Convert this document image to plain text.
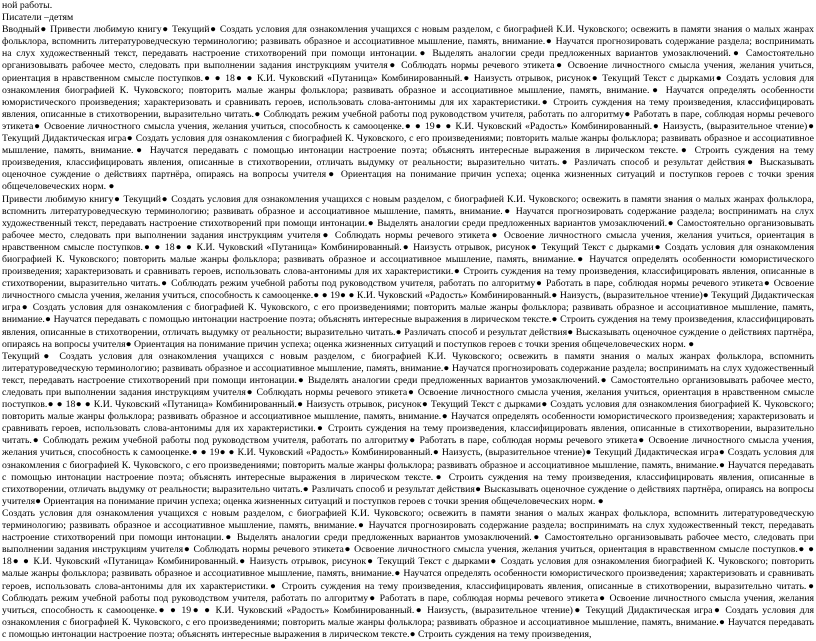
ной работы.
Писатели –детям

Вводный● Привести любимую книгу● Текущий● Создать условия для ознакомления учащихся с новым разделом, с биографией К.И. Чуковского; освежить в памяти знания о малых жанрах фольклора, вспомнить литературоведческую терминологию; развивать образное и ассоциативное мышление, память, внимание.● Научатся прогнозировать содержание раздела; воспринимать на слух художественный текст, передавать настроение стихотворений при помощи интонации.● Выделять аналогии среди предложенных вариантов умозаключений.● Самостоятельно организовывать рабочее место, следовать при выполнении задания инструкциям учителя● Соблюдать нормы речевого этикета● Освоение личностного смысла учения, желания учиться, ориентация в нравственном смысле поступков.● ● 18● ● К.И. Чуковский «Путаница» Комбинированный.● Наизусть отрывок, рисунок● Текущий Текст с дырками● Создать условия для ознакомления биографией К. Чуковского; повторить малые жанры фольклора; развивать образное и ассоциативное мышление, память, внимание.● Научатся определять особенности юмористического произведения; характеризовать и сравнивать героев, использовать слова-антонимы для их характеристики.● Строить суждения на тему произведения, классифицировать явления, описанные в стихотворении, выразительно читать.● Соблюдать режим учебной работы под руководством учителя, работать по алгоритму● Работать в паре, соблюдая нормы речевого этикета● Освоение личностного смысла учения, желания учиться, способность к самооценке.● ● 19● ● К.И. Чуковский «Радость» Комбинированный.● Наизусть, (выразительное чтение)● Текущий Дидактическая игра● Создать условия для ознакомления с биографией К. Чуковского, с его произведениями; повторить малые жанры фольклора; развивать образное и ассоциативное мышление, память, внимание.● Научатся передавать с помощью интонации настроение поэта; объяснять интересные выражения в лирическом тексте.● Строить суждения на тему произведения, классифицировать явления, описанные в стихотворении, отличать выдумку от реальности; выразительно читать.● Различать способ и результат действия● Высказывать оценочное суждение о действиях партнёра, опираясь на вопросы учителя● Ориентация на понимание причин успеха; оценка жизненных ситуаций и поступков героев с точки зрения общечеловеческих норм. ●

Привести любимую книгу● Текущий● Создать условия для ознакомления учащихся с новым разделом, с биографией К.И. Чуковского; освежить в памяти знания о малых жанрах фольклора, вспомнить литературоведческую терминологию; развивать образное и ассоциативное мышление, память, внимание.● Научатся прогнозировать содержание раздела; воспринимать на слух художественный текст, передавать настроение стихотворений при помощи интонации.● Выделять аналогии среди предложенных вариантов умозаключений.● Самостоятельно организовывать рабочее место, следовать при выполнении задания инструкциям учителя● Соблюдать нормы речевого этикета● Освоение личностного смысла учения, желания учиться, ориентация в нравственном смысле поступков.● ● 18● ● К.И. Чуковский «Путаница» Комбинированный.● Наизусть отрывок, рисунок● Текущий Текст с дырками● Создать условия для ознакомления биографией К. Чуковского; повторить малые жанры фольклора; развивать образное и ассоциативное мышление, память, внимание.● Научатся определять особенности юмористического произведения; характеризовать и сравнивать героев, использовать слова-антонимы для их характеристики.● Строить суждения на тему произведения, классифицировать явления, описанные в стихотворении, выразительно читать.● Соблюдать режим учебной работы под руководством учителя, работать по алгоритму● Работать в паре, соблюдая нормы речевого этикета● Освоение личностного смысла учения, желания учиться, способность к самооценке.● ● 19● ● К.И. Чуковский «Радость» Комбинированный.● Наизусть, (выразительное чтение)● Текущий Дидактическая игра● Создать условия для ознакомления с биографией К. Чуковского, с его произведениями; повторить малые жанры фольклора; развивать образное и ассоциативное мышление, память, внимание.● Научатся передавать с помощью интонации настроение поэта; объяснять интересные выражения в лирическом тексте.● Строить суждения на тему произведения, классифицировать явления, описанные в стихотворении, отличать выдумку от реальности; выразительно читать.● Различать способ и результат действия● Высказывать оценочное суждение о действиях партнёра, опираясь на вопросы учителя● Ориентация на понимание причин успеха; оценка жизненных ситуаций и поступков героев с точки зрения общечеловеческих норм. ●

Текущий● Создать условия для ознакомления учащихся с новым разделом, с биографией К.И. Чуковского; освежить в памяти знания о малых жанрах фольклора, вспомнить литературоведческую терминологию; развивать образное и ассоциативное мышление, память, внимание.● Научатся прогнозировать содержание раздела; воспринимать на слух художественный текст, передавать настроение стихотворений при помощи интонации.● Выделять аналогии среди предложенных вариантов умозаключений.● Самостоятельно организовывать рабочее место, следовать при выполнении задания инструкциям учителя● Соблюдать нормы речевого этикета● Освоение личностного смысла учения, желания учиться, ориентация в нравственном смысле поступков.● ● 18● ● К.И. Чуковский «Путаница» Комбинированный.● Наизусть отрывок, рисунок● Текущий Текст с дырками● Создать условия для ознакомления биографией К. Чуковского; повторить малые жанры фольклора; развивать образное и ассоциативное мышление, память, внимание.● Научатся определять особенности юмористического произведения; характеризовать и сравнивать героев, использовать слова-антонимы для их характеристики.● Строить суждения на тему произведения, классифицировать явления, описанные в стихотворении, выразительно читать.● Соблюдать режим учебной работы под руководством учителя, работать по алгоритму● Работать в паре, соблюдая нормы речевого этикета● Освоение личностного смысла учения, желания учиться, способность к самооценке.● ● 19● ● К.И. Чуковский «Радость» Комбинированный.● Наизусть, (выразительное чтение)● Текущий Дидактическая игра● Создать условия для ознакомления с биографией К. Чуковского, с его произведениями; повторить малые жанры фольклора; развивать образное и ассоциативное мышление, память, внимание.● Научатся передавать с помощью интонации настроение поэта; объяснять интересные выражения в лирическом тексте.● Строить суждения на тему произведения, классифицировать явления, описанные в стихотворении, отличать выдумку от реальности; выразительно читать.● Различать способ и результат действия● Высказывать оценочное суждение о действиях партнёра, опираясь на вопросы учителя● Ориентация на понимание причин успеха; оценка жизненных ситуаций и поступков героев с точки зрения общечеловеческих норм. ●

Создать условия для ознакомления учащихся с новым разделом, с биографией К.И. Чуковского; освежить в памяти знания о малых жанрах фольклора, вспомнить литературоведческую терминологию; развивать образное и ассоциативное мышление, память, внимание.● Научатся прогнозировать содержание раздела; воспринимать на слух художественный текст, передавать настроение стихотворений при помощи интонации.● Выделять аналогии среди предложенных вариантов умозаключений.● Самостоятельно организовывать рабочее место, следовать при выполнении задания инструкциям учителя● Соблюдать нормы речевого этикета● Освоение личностного смысла учения, желания учиться, ориентация в нравственном смысле поступков.● ● 18● ● К.И. Чуковский «Путаница» Комбинированный.● Наизусть отрывок, рисунок● Текущий Текст с дырками● Создать условия для ознакомления биографией К. Чуковского; повторить малые жанры фольклора; развивать образное и ассоциативное мышление, память, внимание.● Научатся определять особенности юмористического произведения; характеризовать и сравнивать героев, использовать слова-антонимы для их характеристики.● Строить суждения на тему произведения, классифицировать явления, описанные в стихотворении, выразительно читать.● Соблюдать режим учебной работы под руководством учителя, работать по алгоритму● Работать в паре, соблюдая нормы речевого этикета● Освоение личностного смысла учения, желания учиться, способность к самооценке.● ● 19● ● К.И. Чуковский «Радость» Комбинированный.● Наизусть, (выразительное чтение)● Текущий Дидактическая игра● Создать условия для ознакомления с биографией К. Чуковского, с его произведениями; повторить малые жанры фольклора; развивать образное и ассоциативное мышление, память, внимание.● Научатся передавать с помощью интонации настроение поэта; объяснять интересные выражения в лирическом тексте.● Строить суждения на тему произведения,
